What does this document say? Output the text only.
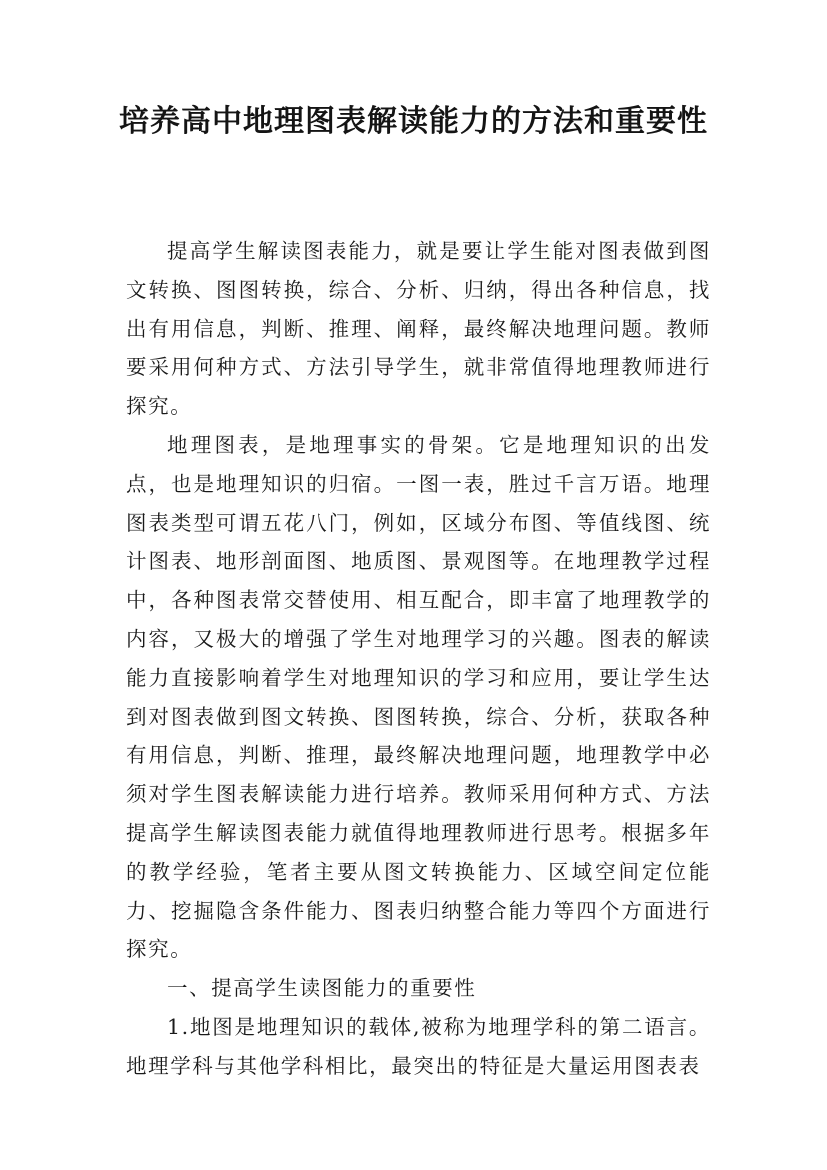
培养高中地理图表解读能力的方法和重要性

提高学生解读图表能力，就是要让学生能对图表做到图文转换、图图转换，综合、分析、归纳，得出各种信息，找出有用信息，判断、推理、阐释，最终解决地理问题。教师要采用何种方式、方法引导学生，就非常值得地理教师进行探究。

地理图表，是地理事实的骨架。它是地理知识的出发点，也是地理知识的归宿。一图一表，胜过千言万语。地理图表类型可谓五花八门，例如，区域分布图、等值线图、统计图表、地形剖面图、地质图、景观图等。在地理教学过程中，各种图表常交替使用、相互配合，即丰富了地理教学的内容，又极大的增强了学生对地理学习的兴趣。图表的解读能力直接影响着学生对地理知识的学习和应用，要让学生达到对图表做到图文转换、图图转换，综合、分析，获取各种有用信息，判断、推理，最终解决地理问题，地理教学中必须对学生图表解读能力进行培养。教师采用何种方式、方法提高学生解读图表能力就值得地理教师进行思考。根据多年的教学经验，笔者主要从图文转换能力、区域空间定位能力、挖掘隐含条件能力、图表归纳整合能力等四个方面进行探究。

一、提高学生读图能力的重要性

1.地图是地理知识的载体,被称为地理学科的第二语言。地理学科与其他学科相比，最突出的特征是大量运用图表表
